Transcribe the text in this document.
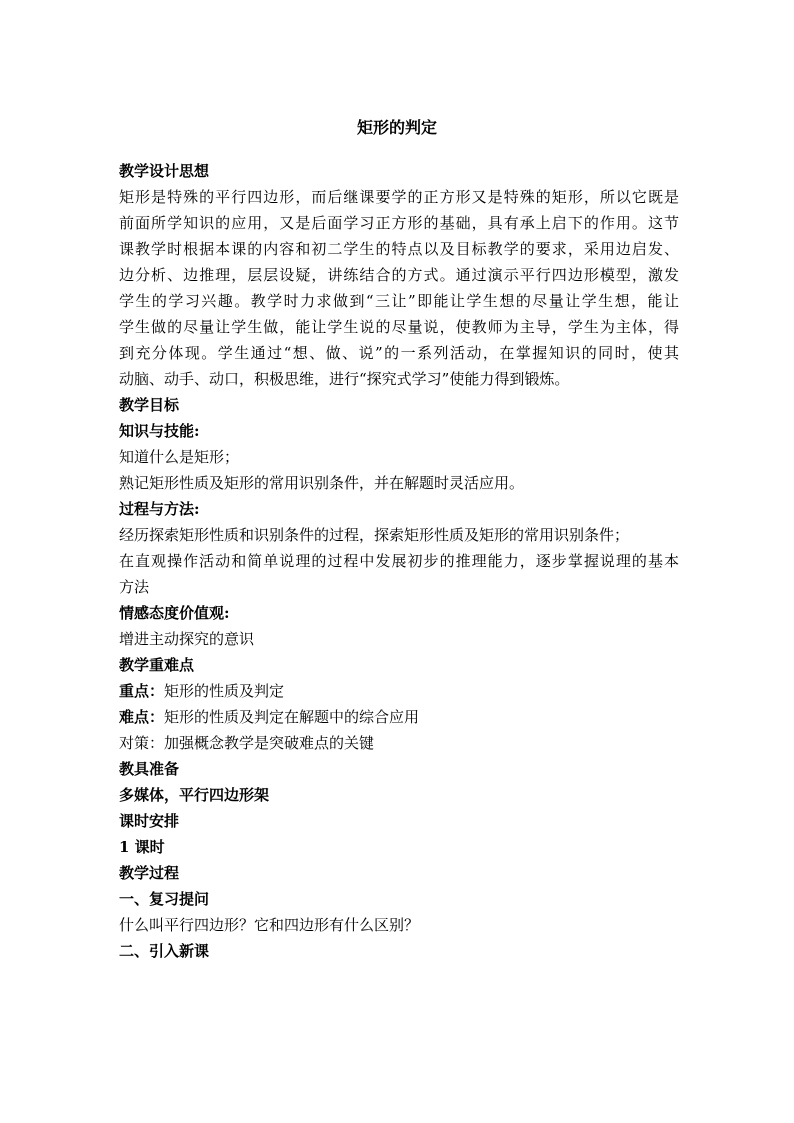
矩形的判定
教学设计思想
矩形是特殊的平行四边形，而后继课要学的正方形又是特殊的矩形，所以它既是
前面所学知识的应用，又是后面学习正方形的基础，具有承上启下的作用。这节
课教学时根据本课的内容和初二学生的特点以及目标教学的要求，采用边启发、
边分析、边推理，层层设疑，讲练结合的方式。通过演示平行四边形模型，激发
学生的学习兴趣。教学时力求做到“三让”即能让学生想的尽量让学生想，能让
学生做的尽量让学生做，能让学生说的尽量说，使教师为主导，学生为主体，得
到充分体现。学生通过“想、做、说”的一系列活动，在掌握知识的同时，使其
动脑、动手、动口，积极思维，进行“探究式学习”使能力得到锻炼。
教学目标
知识与技能:
知道什么是矩形；
熟记矩形性质及矩形的常用识别条件，并在解题时灵活应用。
过程与方法:
经历探索矩形性质和识别条件的过程，探索矩形性质及矩形的常用识别条件；
在直观操作活动和简单说理的过程中发展初步的推理能力，逐步掌握说理的基本
方法
情感态度价值观:
增进主动探究的意识
教学重难点
重点：矩形的性质及判定
难点：矩形的性质及判定在解题中的综合应用
对策：加强概念教学是突破难点的关键
教具准备
多媒体，平行四边形架
课时安排
1 课时
教学过程
一、复习提问
什么叫平行四边形？它和四边形有什么区别？
二、引入新课
